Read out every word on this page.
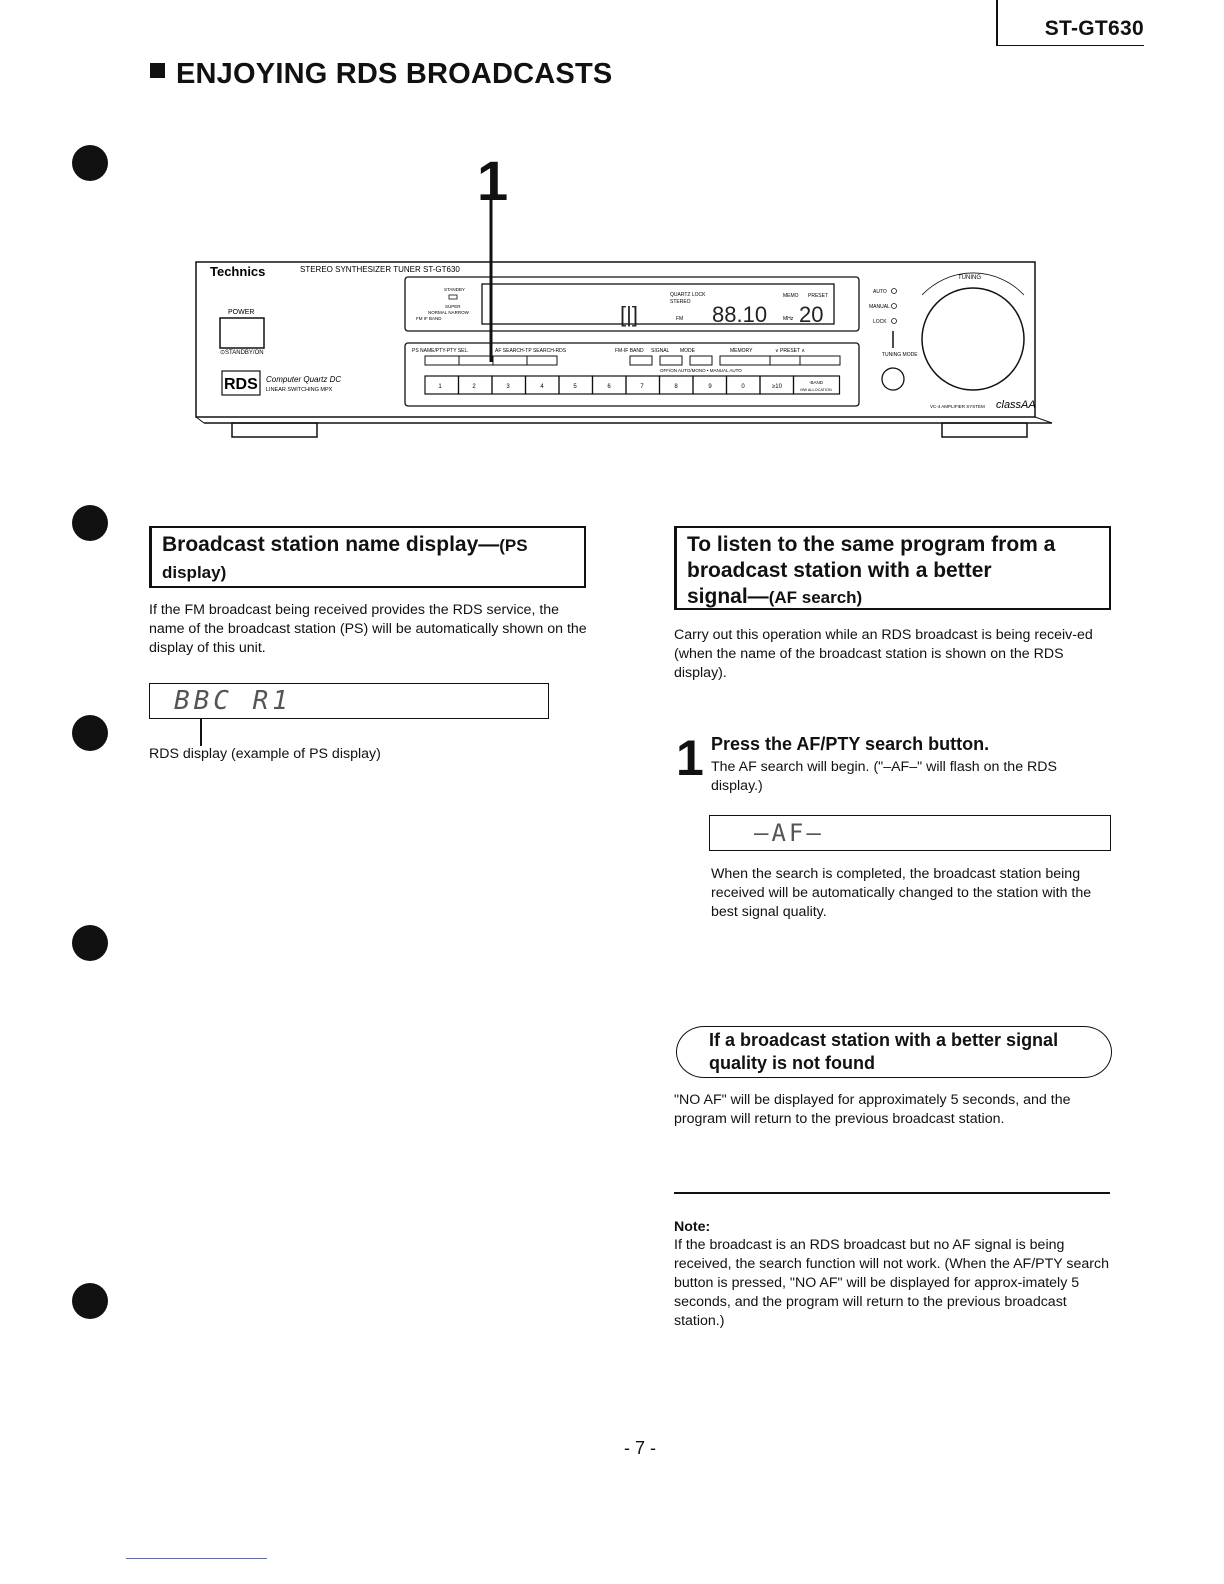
ST-GT630
ENJOYING RDS BROADCASTS
1
Technics	STEREO SYNTHESIZER TUNER ST-GT630
POWER
⊙STANDBY/ON
RDS Computer Quartz DC
LINEAR SWITCHING MPX
STANDBY
SUPER
NORMAL NARROW
FM IF BAND	[|]
QUARTZ LOCK
STEREO
FM 88.10
MEMO PRESET
MHz 20
PS NAME/PTY-PTY SEL.	AF SEARCH-TP SEARCH-RDS	FM-IF BAND SIGNAL MODE	MEMORY	∨ PRESET ∧
OFF/ON AUTO/MONO • MANUAL AUTO
1	2	3	4	5	6	7	8	9	0	≥10
-BAND
MW ALLOCATION
AUTO
MANUAL
LOCK
TUNING MODE
TUNING
VC-4 AMPLIFIER SYSTEM classAA
Broadcast station name display—(PS
display)
If the FM broadcast being received provides the RDS service, the name of the broadcast station (PS) will be automatically shown on the display of this unit.
BBC R1
RDS display (example of PS display)
To listen to the same program from a
broadcast station with a better
signal—(AF search)
Carry out this operation while an RDS broadcast is being receiv-ed (when the name of the broadcast station is shown on the RDS display).
1 Press the AF/PTY search button.
The AF search will begin. ("–AF–" will flash on the RDS display.)
–AF–
When the search is completed, the broadcast station being received will be automatically changed to the station with the best signal quality.
If a broadcast station with a better signal
quality is not found
"NO AF" will be displayed for approximately 5 seconds, and the program will return to the previous broadcast station.
Note:
If the broadcast is an RDS broadcast but no AF signal is being received, the search function will not work. (When the AF/PTY search button is pressed, "NO AF" will be displayed for approx-imately 5 seconds, and the program will return to the previous broadcast station.)
- 7 -
